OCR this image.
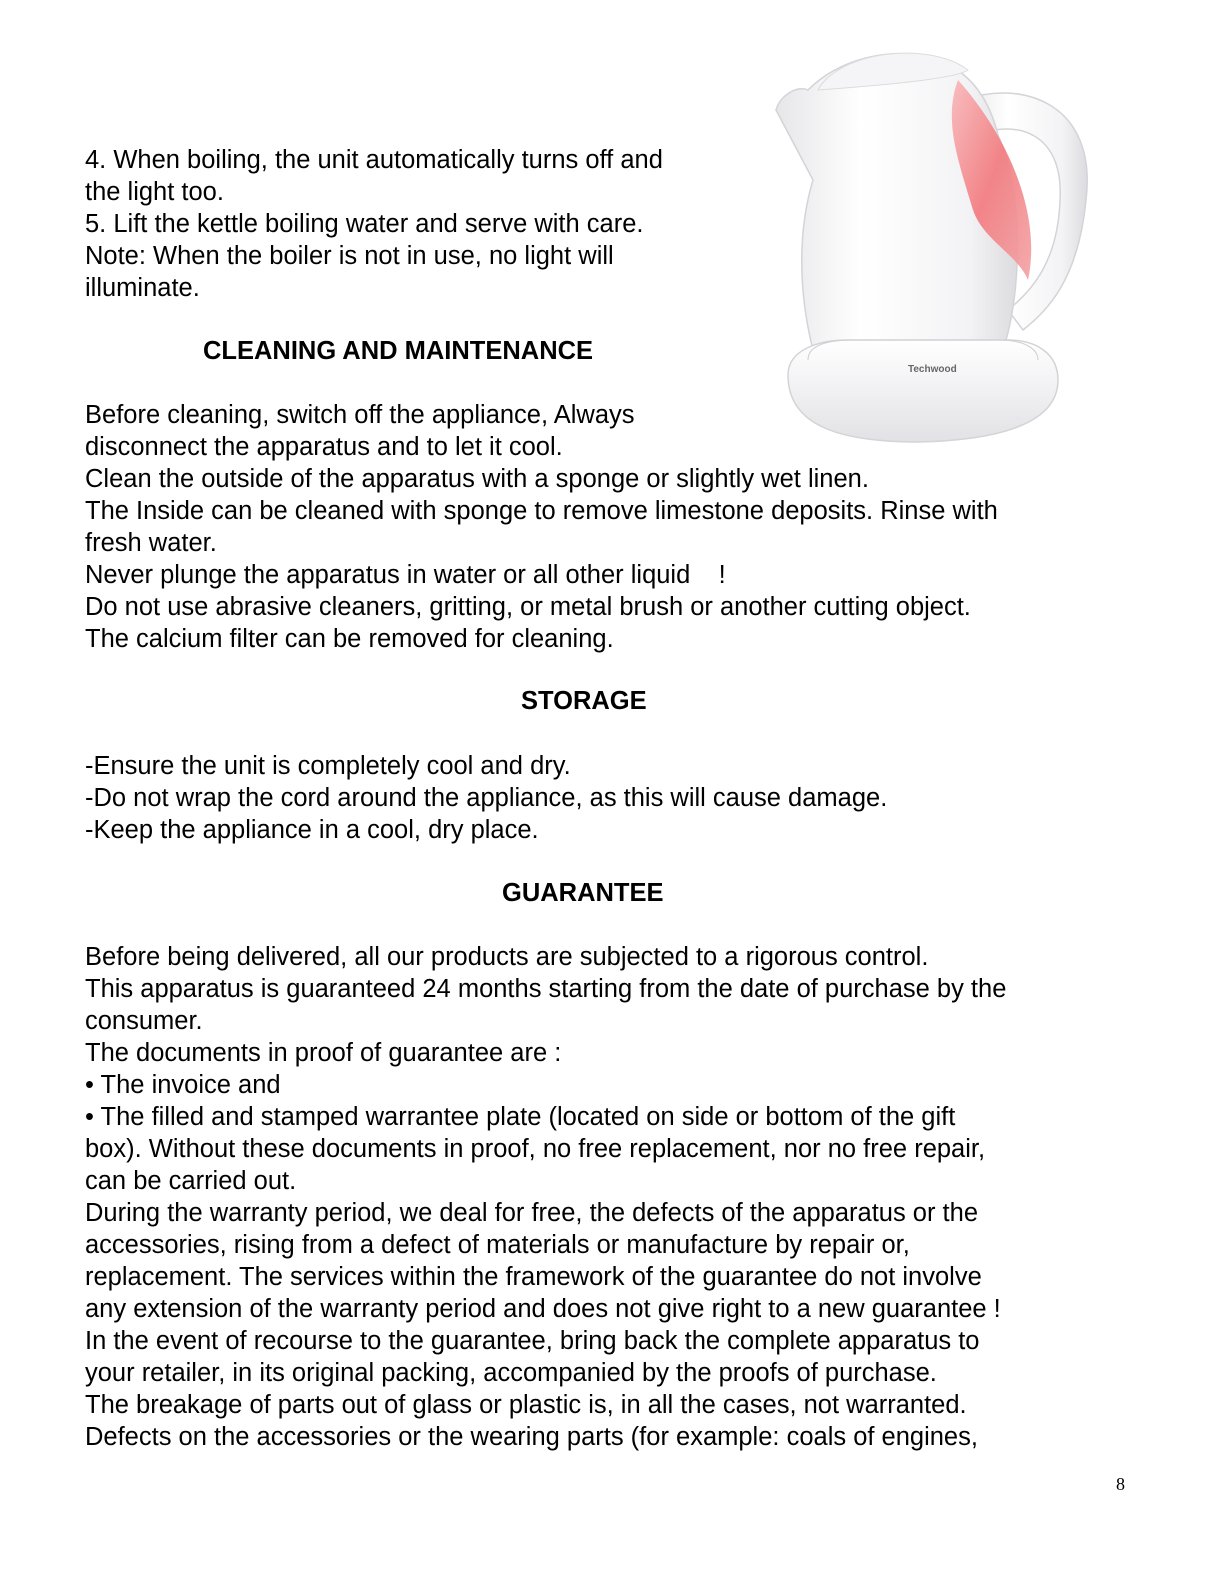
4. When boiling, the unit automatically turns off and
the light too.
5. Lift the kettle boiling water and serve with care.
Note: When the boiler is not in use, no light will
illuminate.
CLEANING AND MAINTENANCE
Before cleaning, switch off the appliance, Always
disconnect the apparatus and to let it cool.
Clean the outside of the apparatus with a sponge or slightly wet linen.
The Inside can be cleaned with sponge to remove limestone deposits. Rinse with
fresh water.
Never plunge the apparatus in water or all other liquid    !
Do not use abrasive cleaners, gritting, or metal brush or another cutting object.
The calcium filter can be removed for cleaning.
STORAGE
-Ensure the unit is completely cool and dry.
-Do not wrap the cord around the appliance, as this will cause damage.
-Keep the appliance in a cool, dry place.
GUARANTEE
Before being delivered, all our products are subjected to a rigorous control.
This apparatus is guaranteed 24 months starting from the date of purchase by the
consumer.
The documents in proof of guarantee are :
• The invoice and
• The filled and stamped warrantee plate (located on side or bottom of the gift
box). Without these documents in proof, no free replacement, nor no free repair,
can be carried out.
During the warranty period, we deal for free, the defects of the apparatus or the
accessories, rising from a defect of materials or manufacture by repair or,
replacement. The services within the framework of the guarantee do not involve
any extension of the warranty period and does not give right to a new guarantee !
In the event of recourse to the guarantee, bring back the complete apparatus to
your retailer, in its original packing, accompanied by the proofs of purchase.
The breakage of parts out of glass or plastic is, in all the cases, not warranted.
Defects on the accessories or the wearing parts (for example: coals of engines,
Techwood
8
